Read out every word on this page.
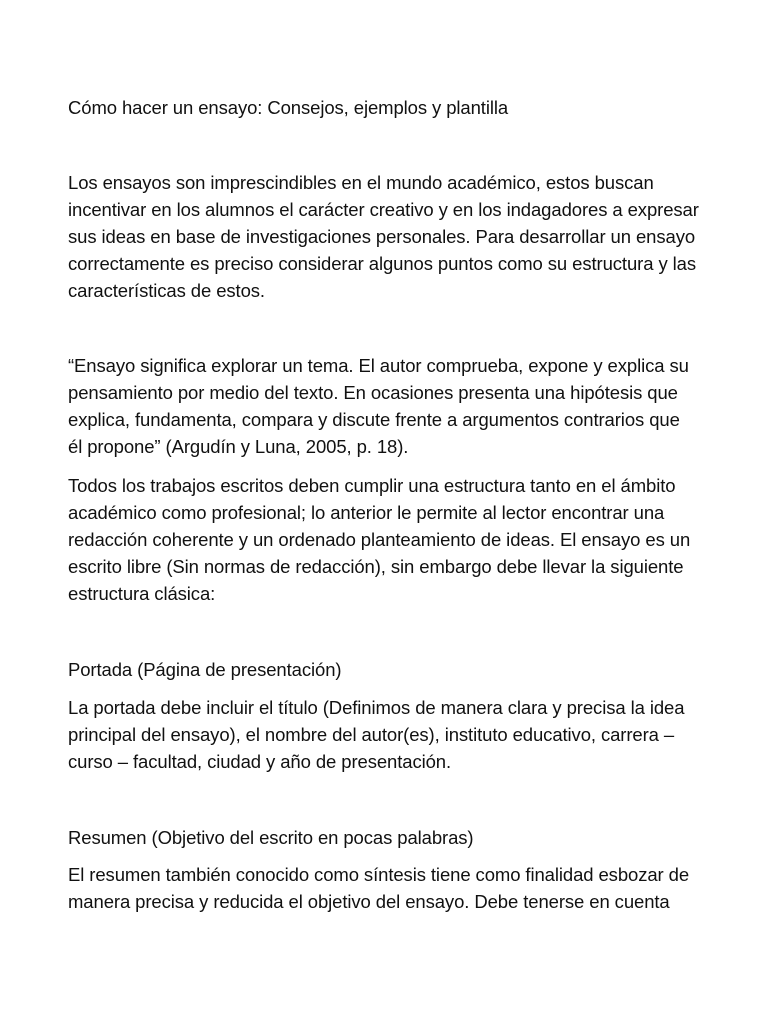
Cómo hacer un ensayo: Consejos, ejemplos y plantilla

Los ensayos son imprescindibles en el mundo académico, estos buscan
incentivar en los alumnos el carácter creativo y en los indagadores a expresar
sus ideas en base de investigaciones personales. Para desarrollar un ensayo
correctamente es preciso considerar algunos puntos como su estructura y las
características de estos.

“Ensayo significa explorar un tema. El autor comprueba, expone y explica su
pensamiento por medio del texto. En ocasiones presenta una hipótesis que
explica, fundamenta, compara y discute frente a argumentos contrarios que
él propone” (Argudín y Luna, 2005, p. 18).

Todos los trabajos escritos deben cumplir una estructura tanto en el ámbito
académico como profesional; lo anterior le permite al lector encontrar una
redacción coherente y un ordenado planteamiento de ideas. El ensayo es un
escrito libre (Sin normas de redacción), sin embargo debe llevar la siguiente
estructura clásica:

Portada (Página de presentación)

La portada debe incluir el título (Definimos de manera clara y precisa la idea
principal del ensayo), el nombre del autor(es), instituto educativo, carrera –
curso – facultad, ciudad y año de presentación.

Resumen (Objetivo del escrito en pocas palabras)

El resumen también conocido como síntesis tiene como finalidad esbozar de
manera precisa y reducida el objetivo del ensayo. Debe tenerse en cuenta
